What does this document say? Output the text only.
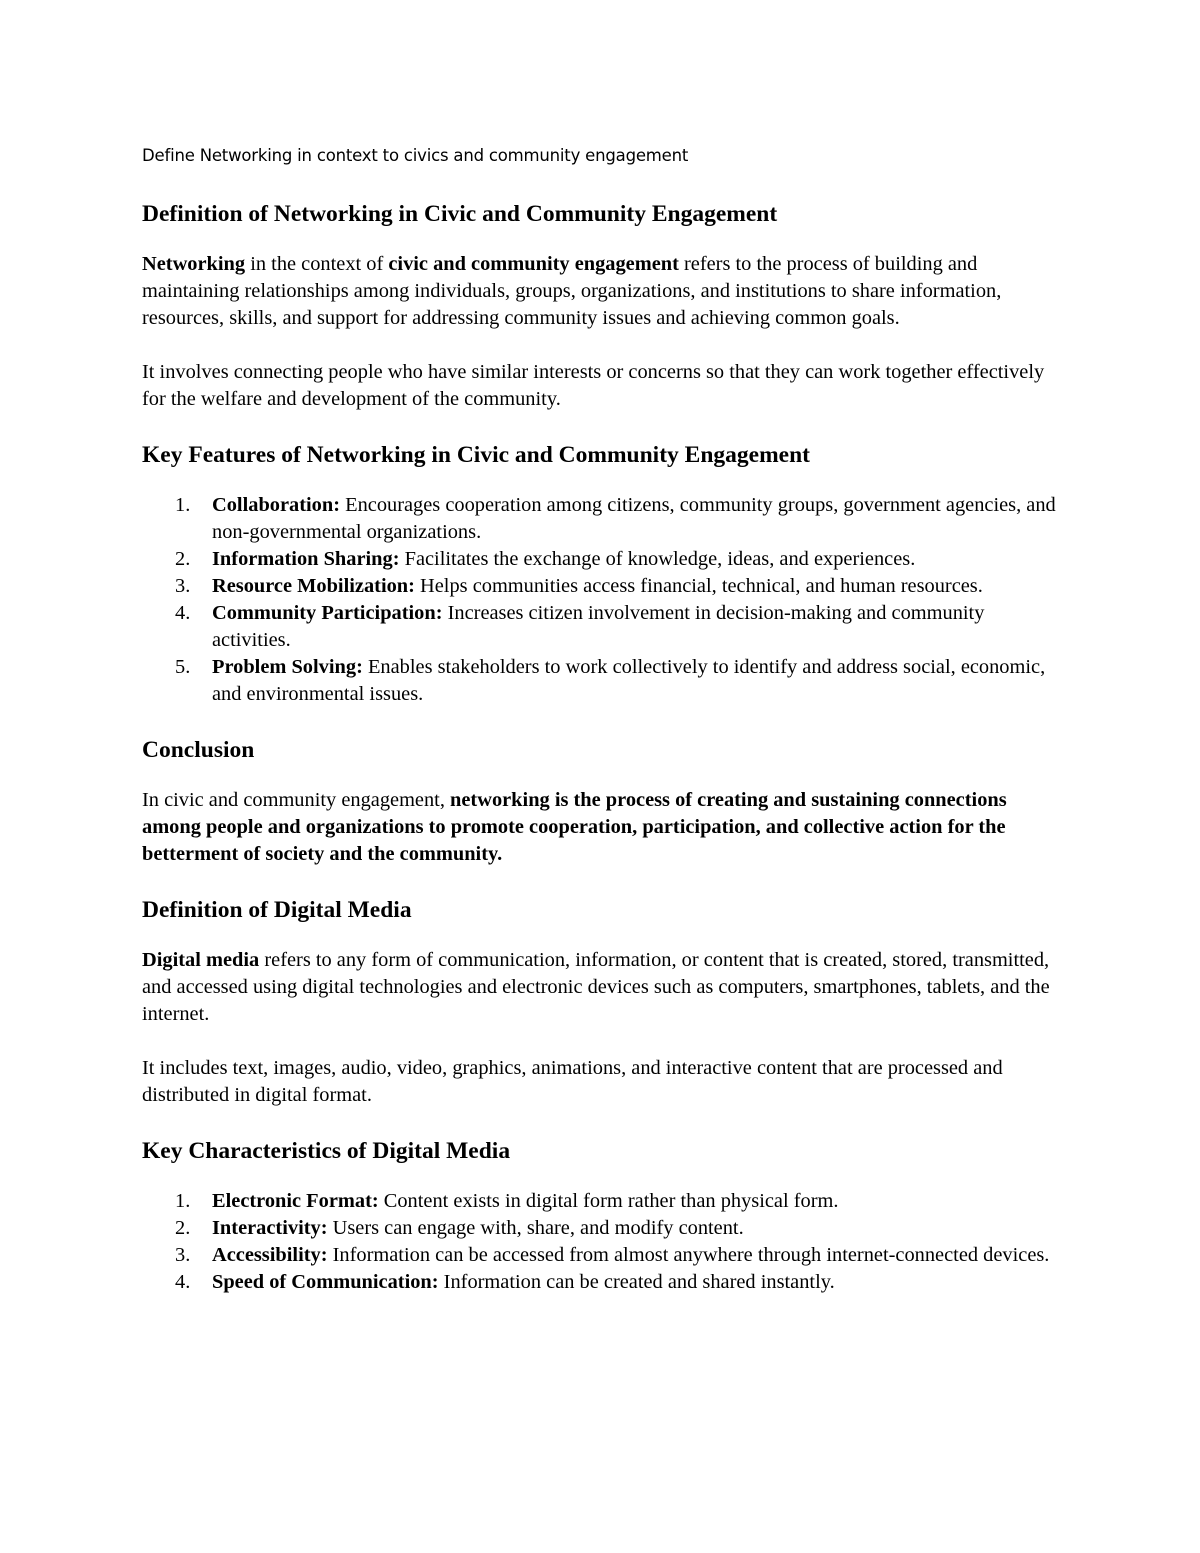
Define Networking in context to civics and community engagement
Definition of Networking in Civic and Community Engagement

Networking in the context of civic and community engagement refers to the process of building and maintaining relationships among individuals, groups, organizations, and institutions to share information, resources, skills, and support for addressing community issues and achieving common goals.

It involves connecting people who have similar interests or concerns so that they can work together effectively for the welfare and development of the community.

Key Features of Networking in Civic and Community Engagement
1. Collaboration: Encourages cooperation among citizens, community groups, government agencies, and non-governmental organizations.
2. Information Sharing: Facilitates the exchange of knowledge, ideas, and experiences.
3. Resource Mobilization: Helps communities access financial, technical, and human resources.
4. Community Participation: Increases citizen involvement in decision-making and community activities.
5. Problem Solving: Enables stakeholders to work collectively to identify and address social, economic, and environmental issues.
Conclusion

In civic and community engagement, networking is the process of creating and sustaining connections among people and organizations to promote cooperation, participation, and collective action for the betterment of society and the community.

Definition of Digital Media

Digital media refers to any form of communication, information, or content that is created, stored, transmitted, and accessed using digital technologies and electronic devices such as computers, smartphones, tablets, and the internet.

It includes text, images, audio, video, graphics, animations, and interactive content that are processed and distributed in digital format.

Key Characteristics of Digital Media
1. Electronic Format: Content exists in digital form rather than physical form.
2. Interactivity: Users can engage with, share, and modify content.
3. Accessibility: Information can be accessed from almost anywhere through internet-connected devices.
4. Speed of Communication: Information can be created and shared instantly.
